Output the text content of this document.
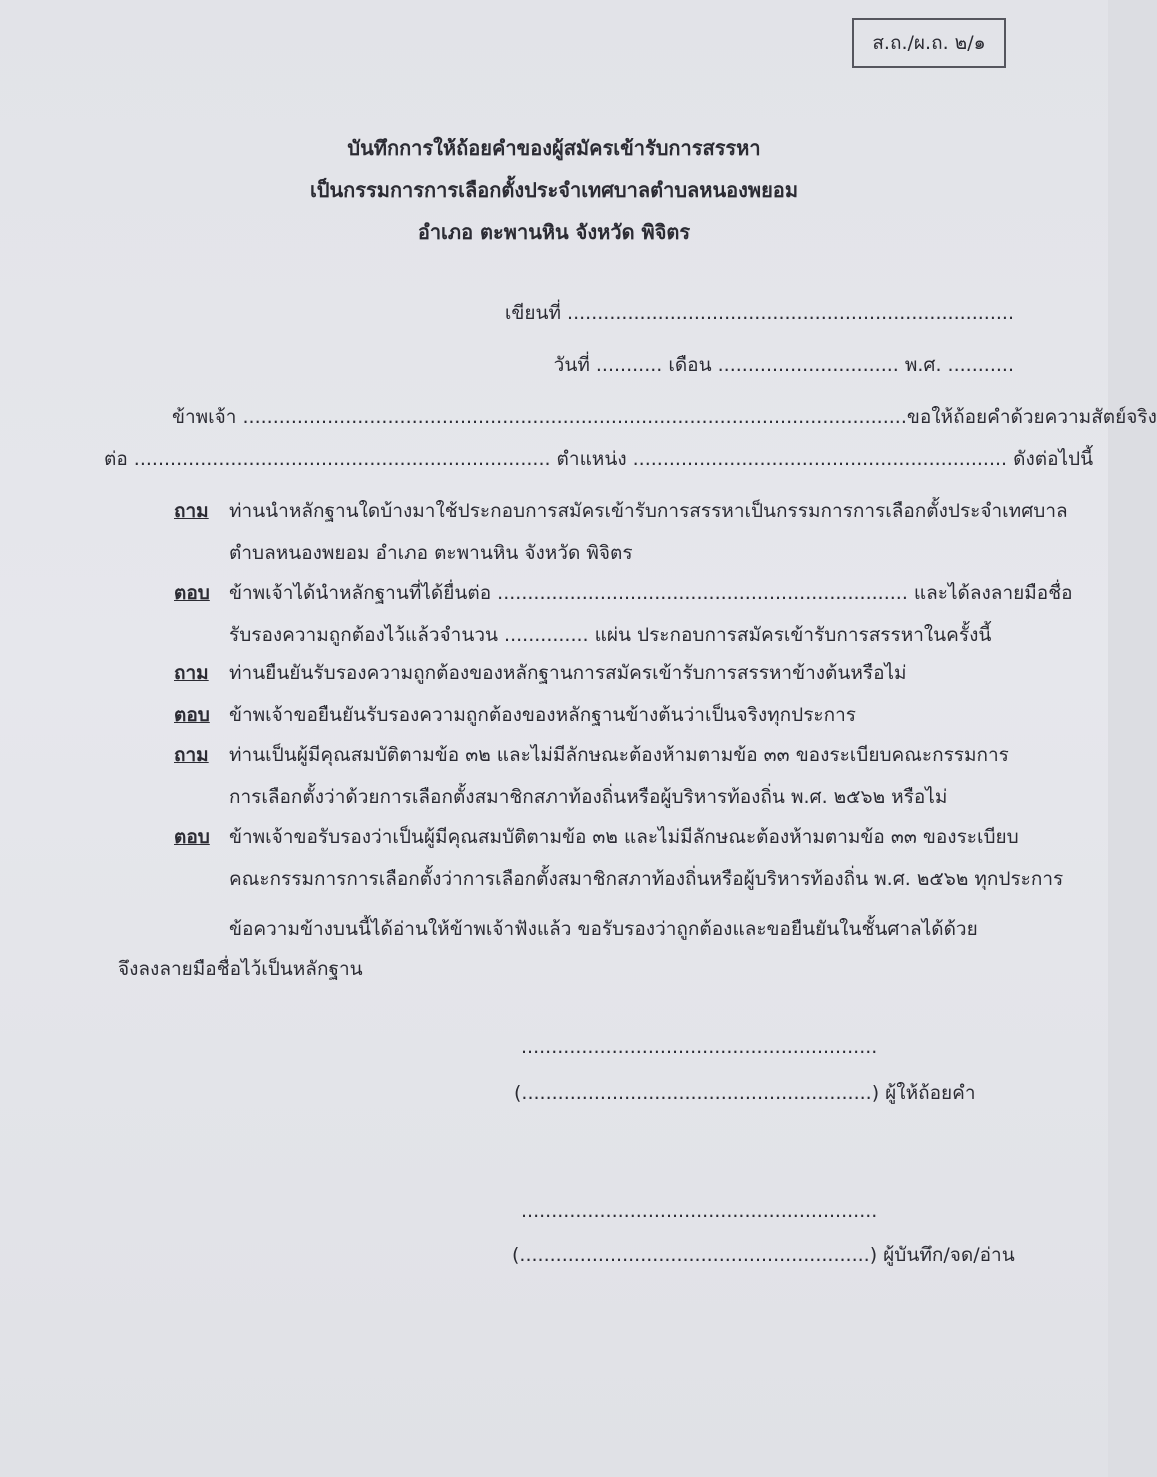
ส.ถ./ผ.ถ. ๒/๑
บันทึกการให้ถ้อยคำของผู้สมัครเข้ารับการสรรหา
เป็นกรรมการการเลือกตั้งประจำเทศบาลตำบลหนองพยอม
อำเภอ ตะพานหิน จังหวัด พิจิตร
เขียนที่ ..........................................................................
วันที่ ........... เดือน .............................. พ.ศ. ...........
ข้าพเจ้า ..............................................................................................................ขอให้ถ้อยคำด้วยความสัตย์จริง
ต่อ ..................................................................... ตำแหน่ง .............................................................. ดังต่อไปนี้
ถาม ท่านนำหลักฐานใดบ้างมาใช้ประกอบการสมัครเข้ารับการสรรหาเป็นกรรมการการเลือกตั้งประจำเทศบาล
ตำบลหนองพยอม อำเภอ ตะพานหิน จังหวัด พิจิตร
ตอบ ข้าพเจ้าได้นำหลักฐานที่ได้ยื่นต่อ .................................................................... และได้ลงลายมือชื่อ
รับรองความถูกต้องไว้แล้วจำนวน .............. แผ่น ประกอบการสมัครเข้ารับการสรรหาในครั้งนี้
ถาม ท่านยืนยันรับรองความถูกต้องของหลักฐานการสมัครเข้ารับการสรรหาข้างต้นหรือไม่
ตอบ ข้าพเจ้าขอยืนยันรับรองความถูกต้องของหลักฐานข้างต้นว่าเป็นจริงทุกประการ
ถาม ท่านเป็นผู้มีคุณสมบัติตามข้อ ๓๒ และไม่มีลักษณะต้องห้ามตามข้อ ๓๓ ของระเบียบคณะกรรมการ
การเลือกตั้งว่าด้วยการเลือกตั้งสมาชิกสภาท้องถิ่นหรือผู้บริหารท้องถิ่น พ.ศ. ๒๕๖๒ หรือไม่
ตอบ ข้าพเจ้าขอรับรองว่าเป็นผู้มีคุณสมบัติตามข้อ ๓๒ และไม่มีลักษณะต้องห้ามตามข้อ ๓๓ ของระเบียบ
คณะกรรมการการเลือกตั้งว่าการเลือกตั้งสมาชิกสภาท้องถิ่นหรือผู้บริหารท้องถิ่น พ.ศ. ๒๕๖๒ ทุกประการ
ข้อความข้างบนนี้ได้อ่านให้ข้าพเจ้าฟังแล้ว ขอรับรองว่าถูกต้องและขอยืนยันในชั้นศาลได้ด้วย
จึงลงลายมือชื่อไว้เป็นหลักฐาน
...........................................................
(..........................................................) ผู้ให้ถ้อยคำ
...........................................................
(..........................................................) ผู้บันทึก/จด/อ่าน
